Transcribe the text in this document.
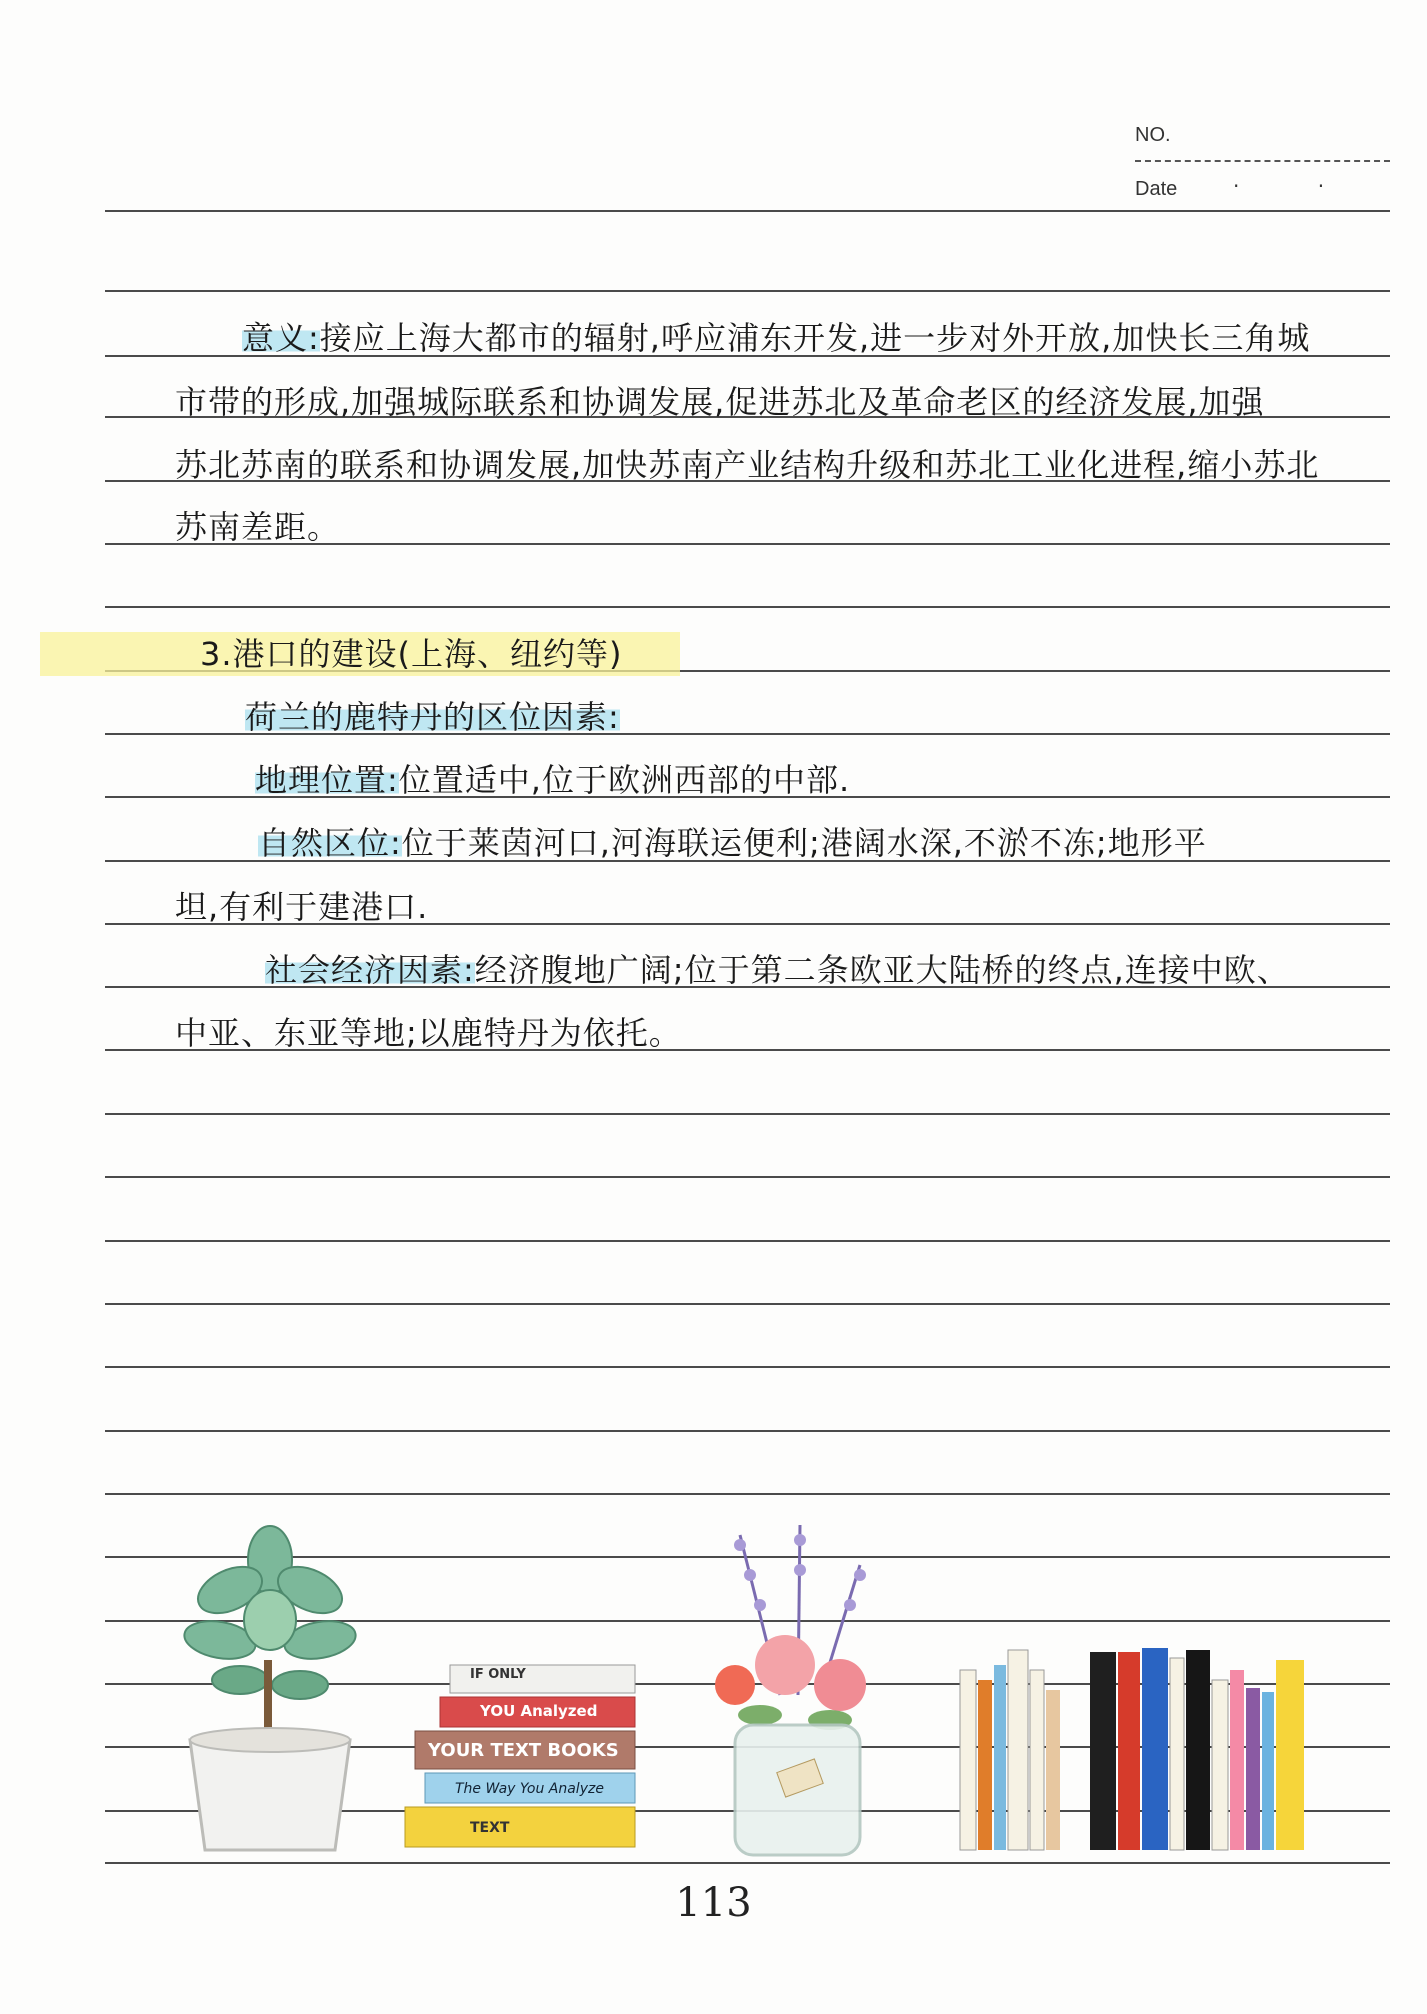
NO.
Date	· ·
意义:接应上海大都市的辐射,呼应浦东开发,进一步对外开放,加快长三角城
市带的形成,加强城际联系和协调发展,促进苏北及革命老区的经济发展,加强
苏北苏南的联系和协调发展,加快苏南产业结构升级和苏北工业化进程,缩小苏北
苏南差距。
3.港口的建设(上海、纽约等)
荷兰的鹿特丹的区位因素:
地理位置:位置适中,位于欧洲西部的中部.
自然区位:位于莱茵河口,河海联运便利;港阔水深,不淤不冻;地形平
坦,有利于建港口.
社会经济因素:经济腹地广阔;位于第二条欧亚大陆桥的终点,连接中欧、
中亚、东亚等地;以鹿特丹为依托。
IF ONLY
YOU Analyzed
YOUR TEXT BOOKS
The Way You Analyze
TEXT
113
